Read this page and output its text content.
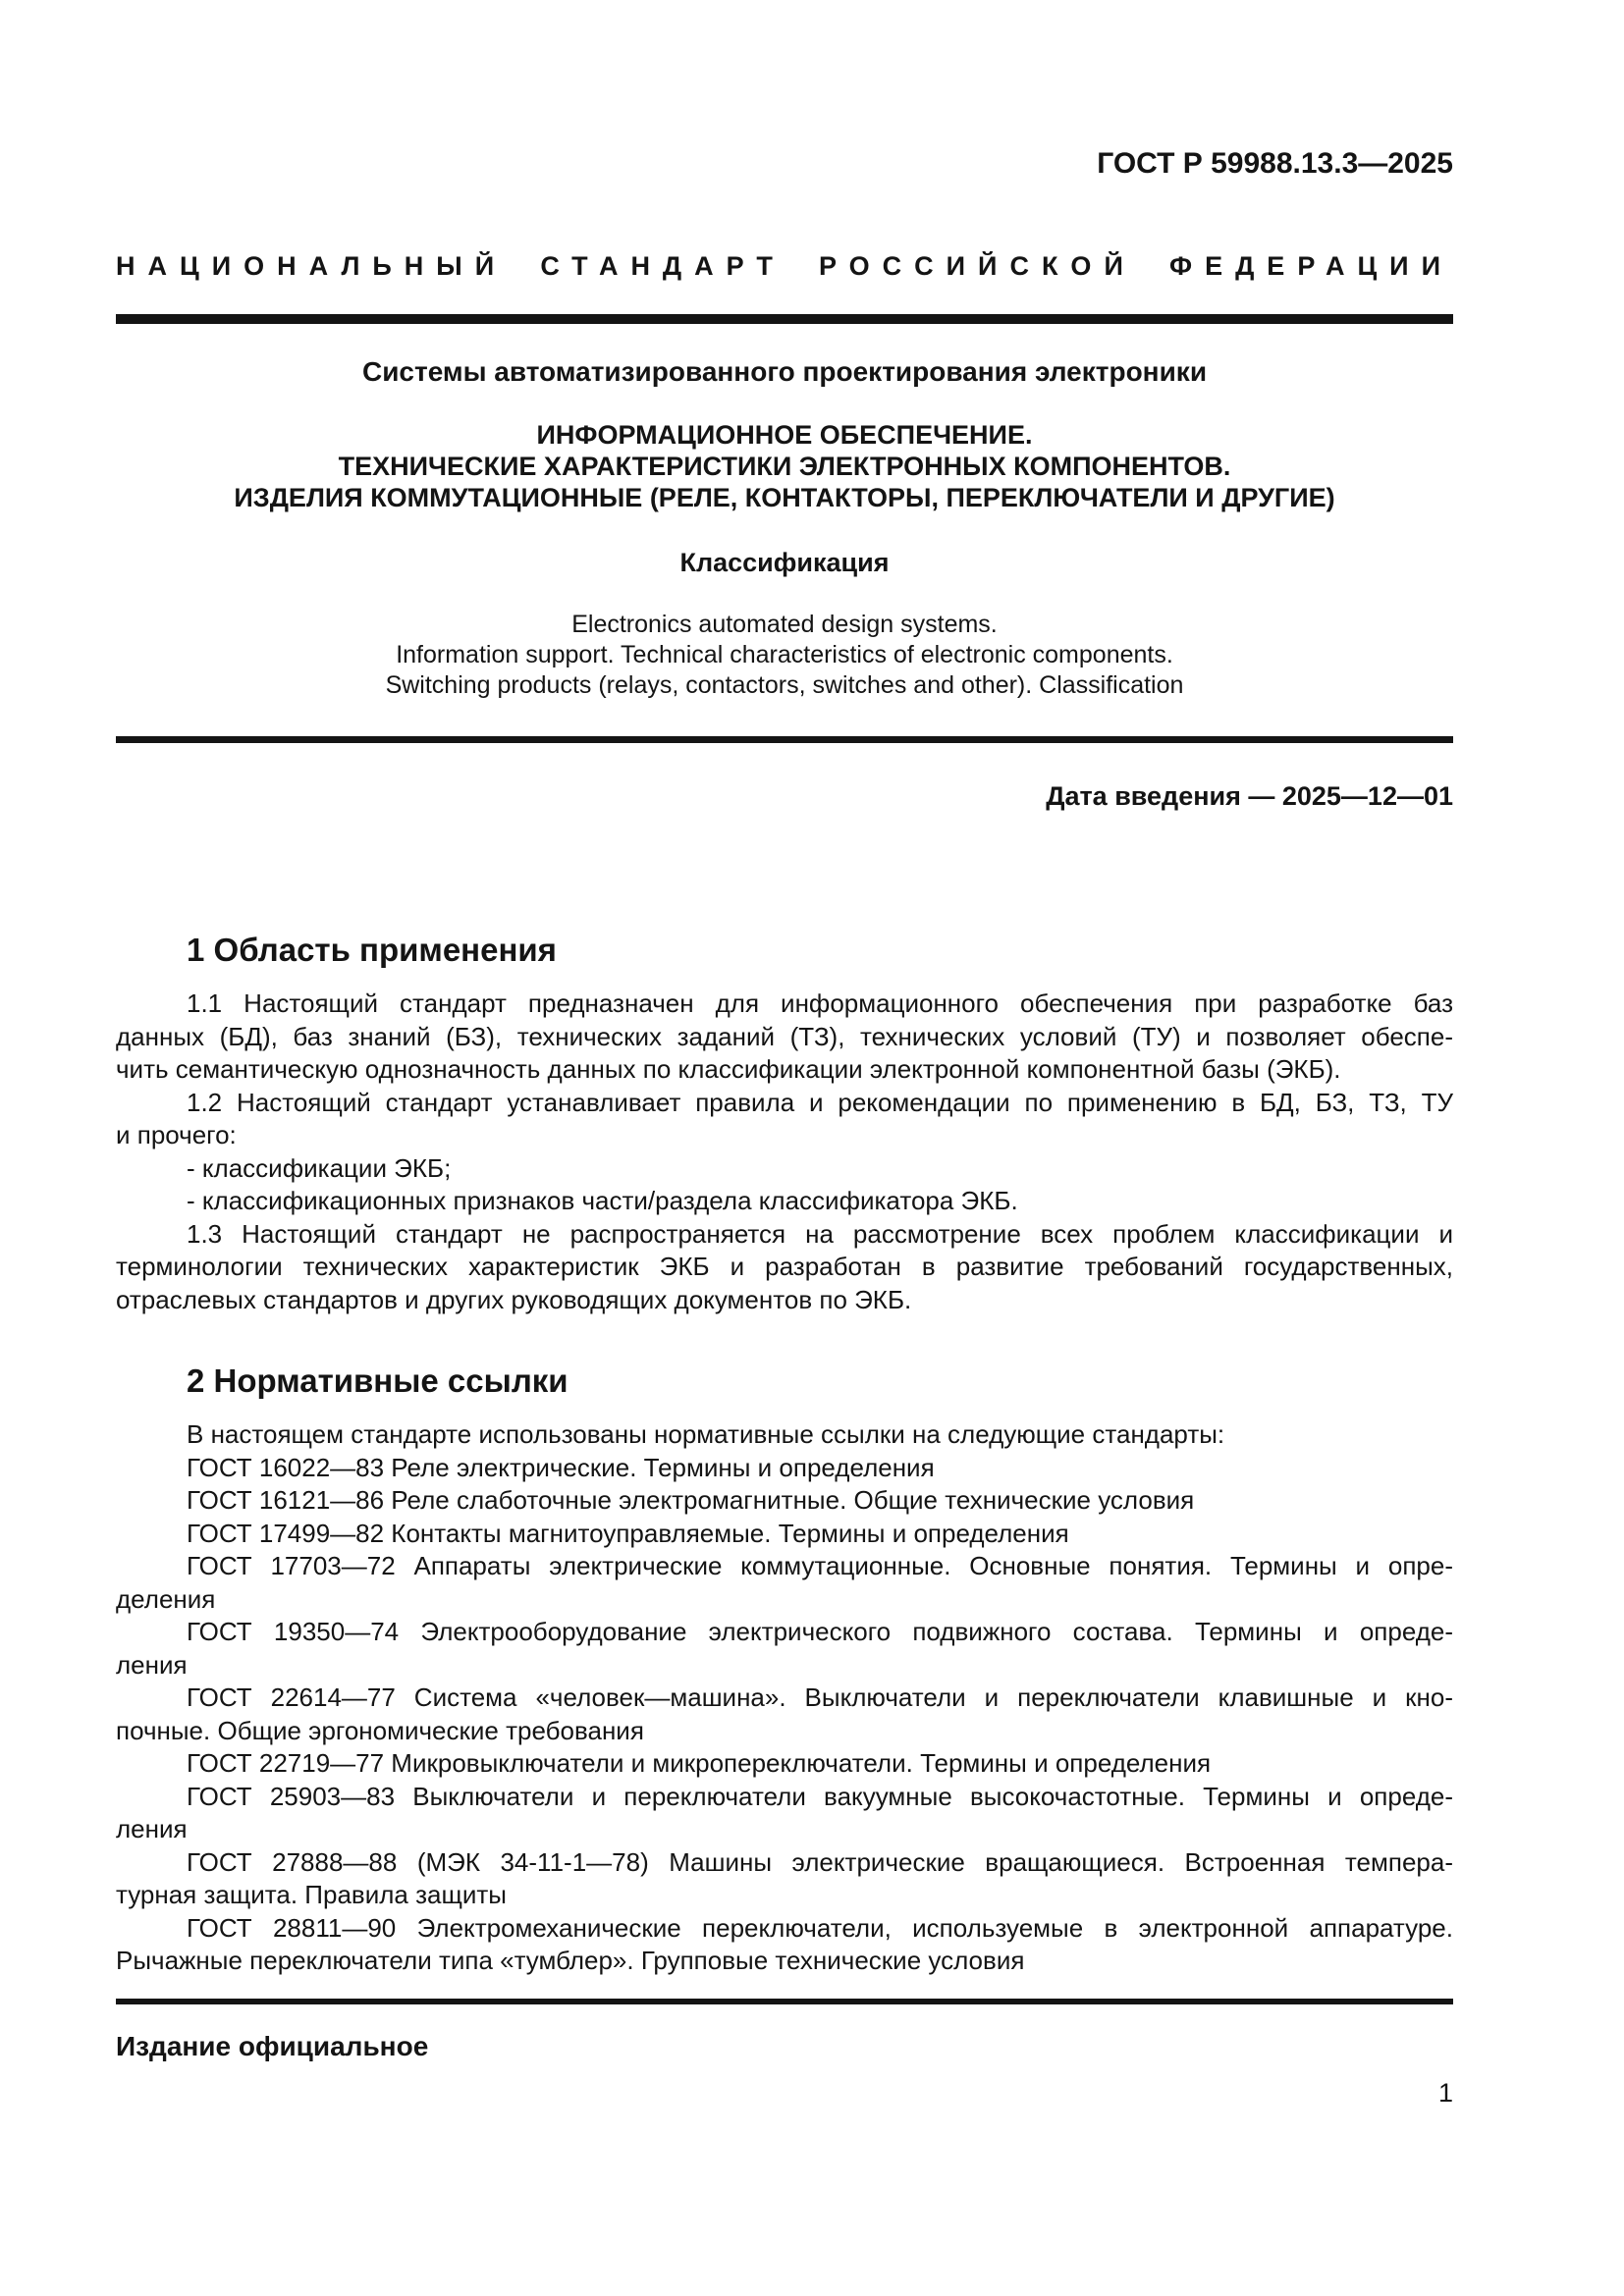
ГОСТ Р 59988.13.3—2025
НАЦИОНАЛЬНЫЙ СТАНДАРТ РОССИЙСКОЙ ФЕДЕРАЦИИ
Системы автоматизированного проектирования электроники
ИНФОРМАЦИОННОЕ ОБЕСПЕЧЕНИЕ.
ТЕХНИЧЕСКИЕ ХАРАКТЕРИСТИКИ ЭЛЕКТРОННЫХ КОМПОНЕНТОВ.
ИЗДЕЛИЯ КОММУТАЦИОННЫЕ (РЕЛЕ, КОНТАКТОРЫ, ПЕРЕКЛЮЧАТЕЛИ И ДРУГИЕ)
Классификация
Electronics automated design systems.
Information support. Technical characteristics of electronic components.
Switching products (relays, contactors, switches and other). Classification
Дата введения — 2025—12—01
1 Область применения
1.1 Настоящий стандарт предназначен для информационного обеспечения при разработке баз
данных (БД), баз знаний (БЗ), технических заданий (ТЗ), технических условий (ТУ) и позволяет обеспе-
чить семантическую однозначность данных по классификации электронной компонентной базы (ЭКБ).
1.2 Настоящий стандарт устанавливает правила и рекомендации по применению в БД, БЗ, ТЗ, ТУ
и прочего:
- классификации ЭКБ;
- классификационных признаков части/раздела классификатора ЭКБ.
1.3 Настоящий стандарт не распространяется на рассмотрение всех проблем классификации и
терминологии технических характеристик ЭКБ и разработан в развитие требований государственных,
отраслевых стандартов и других руководящих документов по ЭКБ.
2 Нормативные ссылки
В настоящем стандарте использованы нормативные ссылки на следующие стандарты:
ГОСТ 16022—83 Реле электрические. Термины и определения
ГОСТ 16121—86 Реле слаботочные электромагнитные. Общие технические условия
ГОСТ 17499—82 Контакты магнитоуправляемые. Термины и определения
ГОСТ 17703—72 Аппараты электрические коммутационные. Основные понятия. Термины и опре-
деления
ГОСТ 19350—74 Электрооборудование электрического подвижного состава. Термины и опреде-
ления
ГОСТ 22614—77 Система «человек—машина». Выключатели и переключатели клавишные и кно-
почные. Общие эргономические требования
ГОСТ 22719—77 Микровыключатели и микропереключатели. Термины и определения
ГОСТ 25903—83 Выключатели и переключатели вакуумные высокочастотные. Термины и опреде-
ления
ГОСТ 27888—88 (МЭК 34-11-1—78) Машины электрические вращающиеся. Встроенная темпера-
турная защита. Правила защиты
ГОСТ 28811—90 Электромеханические переключатели, используемые в электронной аппаратуре.
Рычажные переключатели типа «тумблер». Групповые технические условия
Издание официальное
1
